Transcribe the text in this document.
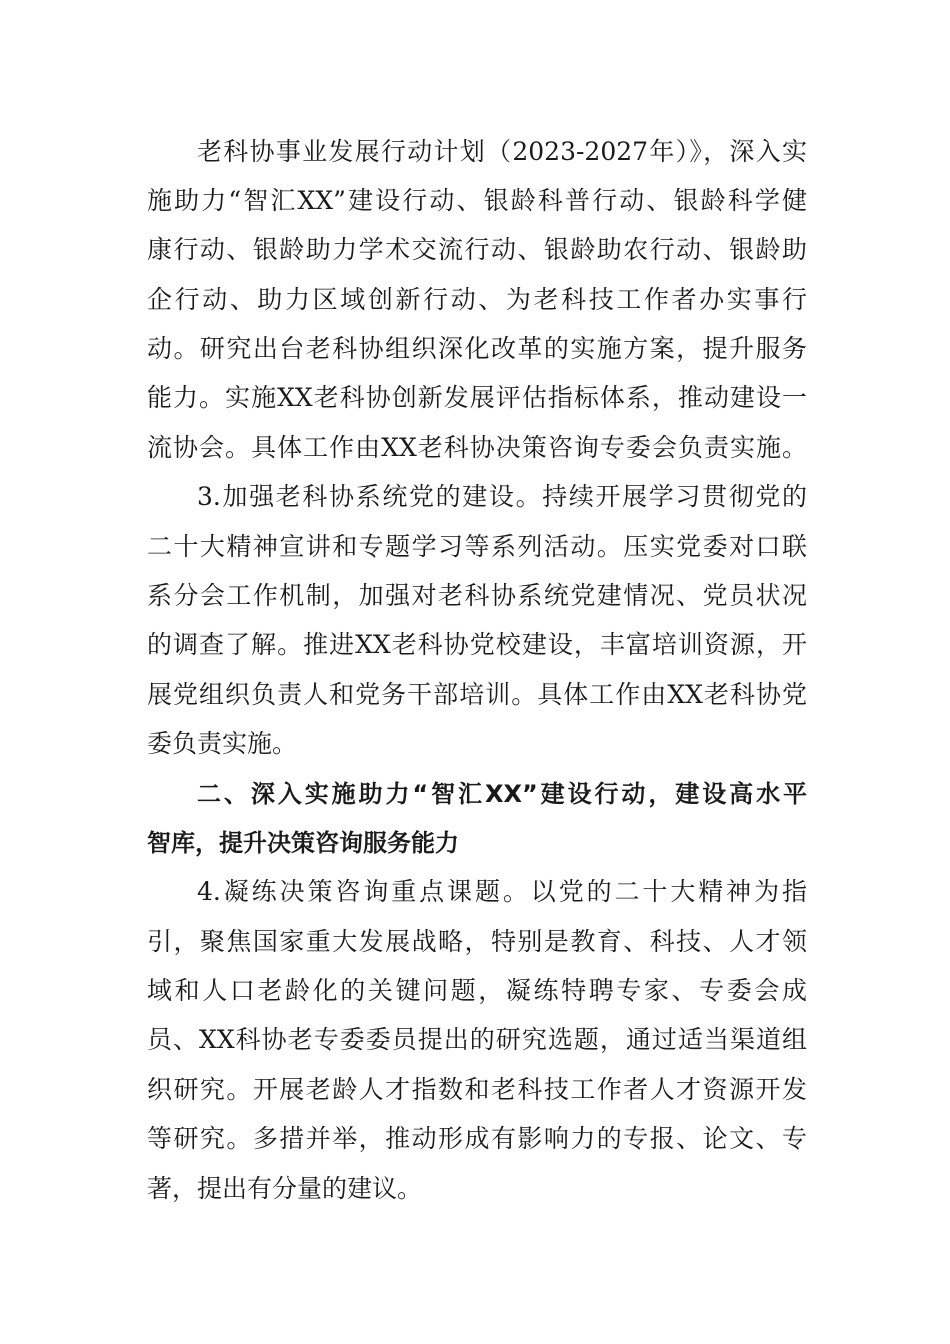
老科协事业发展行动计划（2023-2027年）》，深入实
施助力“智汇XX”建设行动、银龄科普行动、银龄科学健
康行动、银龄助力学术交流行动、银龄助农行动、银龄助
企行动、助力区域创新行动、为老科技工作者办实事行
动。研究出台老科协组织深化改革的实施方案，提升服务
能力。实施XX老科协创新发展评估指标体系，推动建设一
流协会。具体工作由XX老科协决策咨询专委会负责实施。
3.加强老科协系统党的建设。持续开展学习贯彻党的
二十大精神宣讲和专题学习等系列活动。压实党委对口联
系分会工作机制，加强对老科协系统党建情况、党员状况
的调查了解。推进XX老科协党校建设，丰富培训资源，开
展党组织负责人和党务干部培训。具体工作由XX老科协党
委负责实施。
二、深入实施助力“智汇XX”建设行动，建设高水平
智库，提升决策咨询服务能力
4.凝练决策咨询重点课题。以党的二十大精神为指
引，聚焦国家重大发展战略，特别是教育、科技、人才领
域和人口老龄化的关键问题，凝练特聘专家、专委会成
员、XX科协老专委委员提出的研究选题，通过适当渠道组
织研究。开展老龄人才指数和老科技工作者人才资源开发
等研究。多措并举，推动形成有影响力的专报、论文、专
著，提出有分量的建议。
